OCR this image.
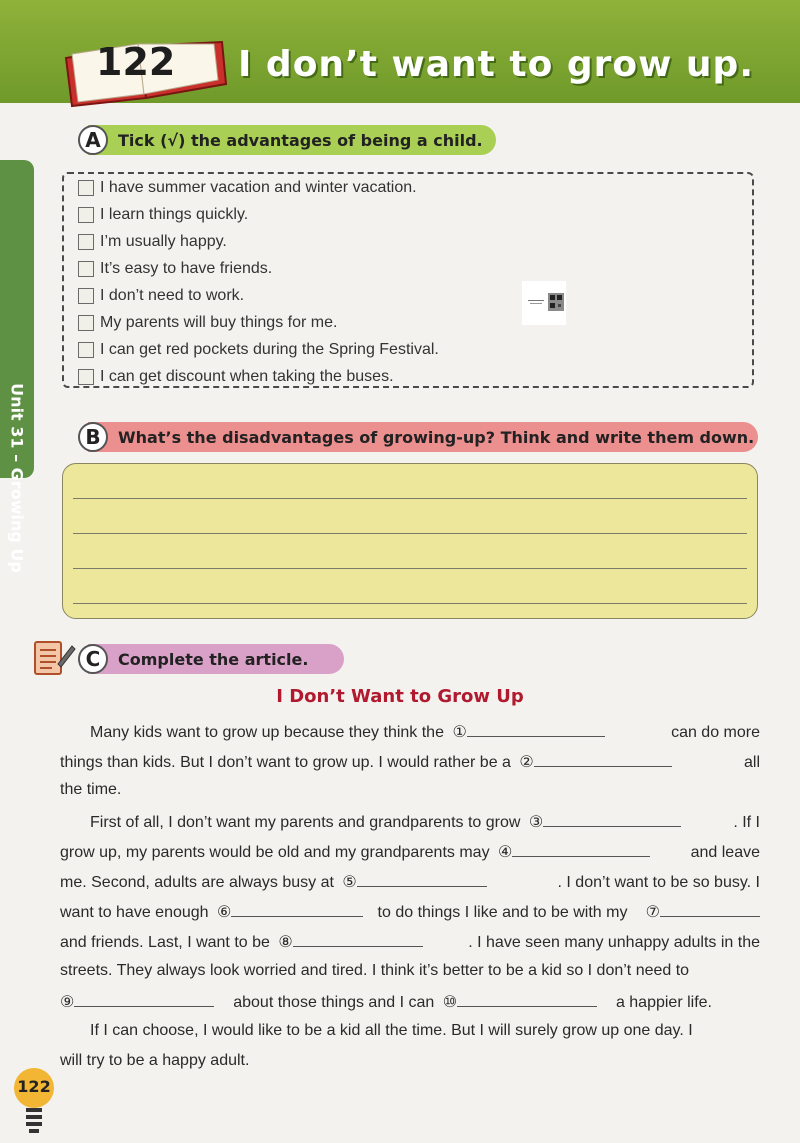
122 I don’t want to grow up.
Unit 31 – Growing Up
A	Tick (√) the advantages of being a child.
I have summer vacation and winter vacation.
I learn things quickly.
I’m usually happy.
It’s easy to have friends.
I don’t need to work.
My parents will buy things for me.
I can get red pockets during the Spring Festival.
I can get discount when taking the buses.
B	What’s the disadvantages of growing-up? Think and write them down.
C	Complete the article.
I Don’t Want to Grow Up
Many kids want to grow up because they think the ①	can do more
things than kids. But I don’t want to grow up. I would rather be a ②	all
the time.
First of all, I don’t want my parents and grandparents to grow ③	. If I
grow up, my parents would be old and my grandparents may ④	and leave
me. Second, adults are always busy at ⑤	. I don’t want to be so busy. I
want to have enough ⑥	to do things I like and to be with my ⑦
and friends. Last, I want to be ⑧	. I have seen many unhappy adults in the
streets. They always look worried and tired. I think it’s better to be a kid so I don’t need to
⑨	about those things and I can ⑩	a happier life.
If I can choose, I would like to be a kid all the time. But I will surely grow up one day. I
will try to be a happy adult.
122
